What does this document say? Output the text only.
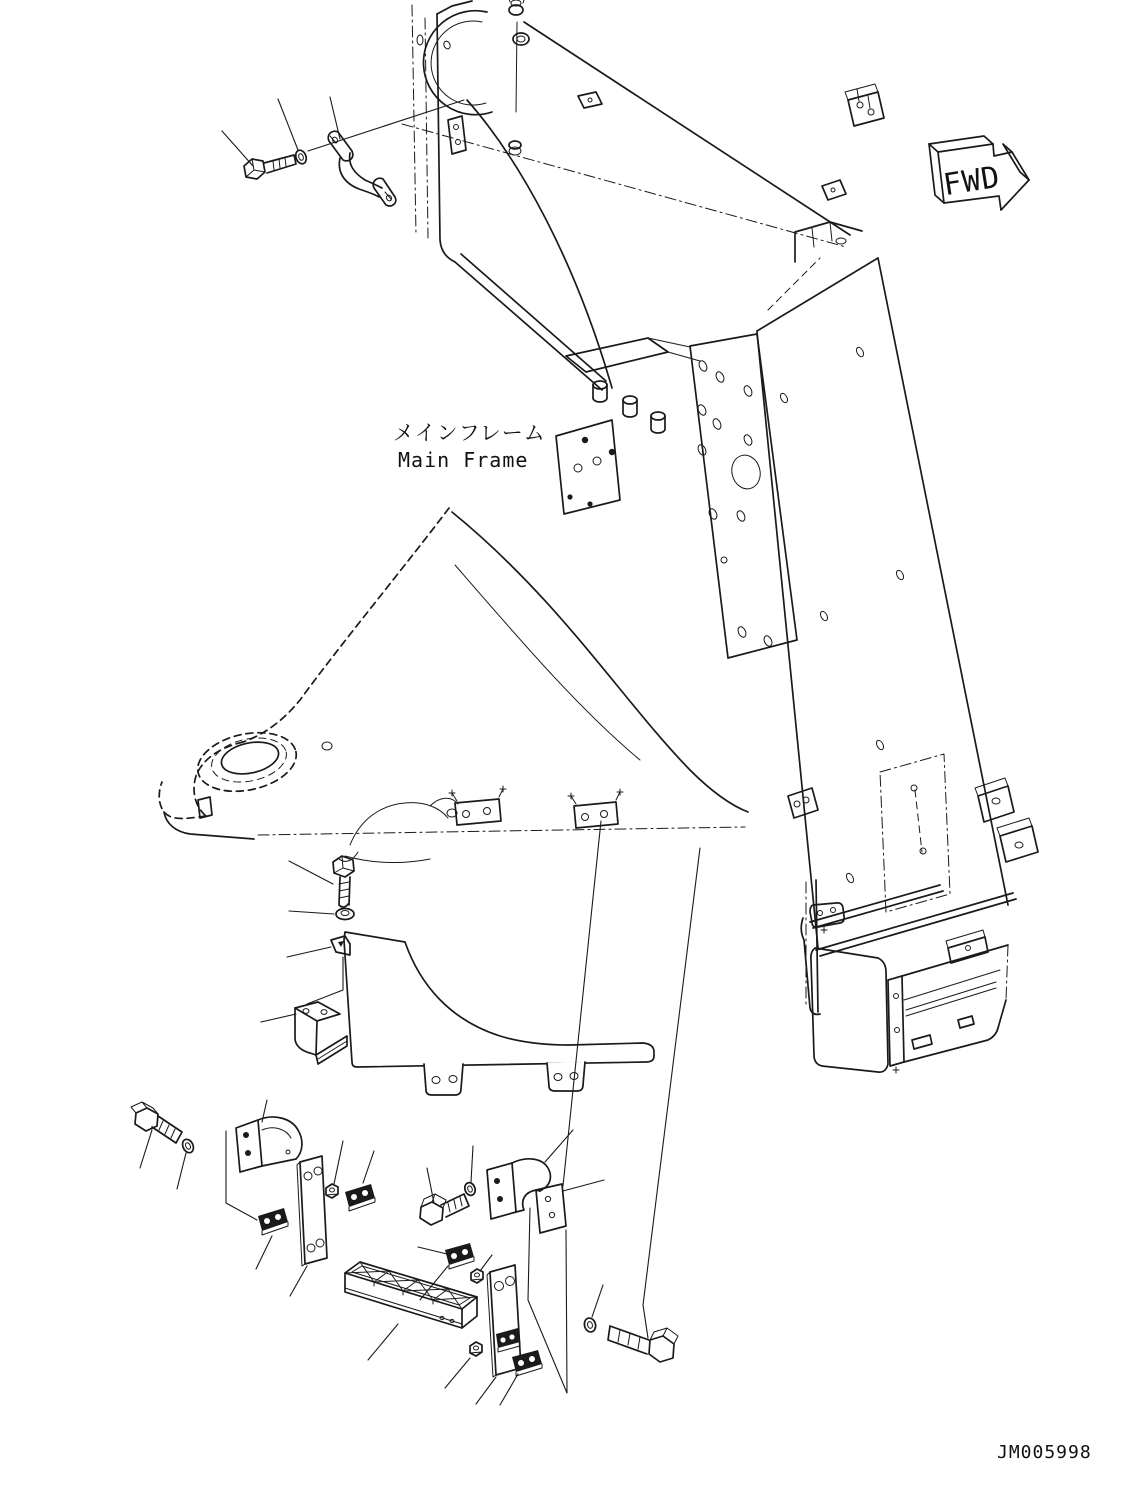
メインフレーム
Main Frame
FWD
JM005998
